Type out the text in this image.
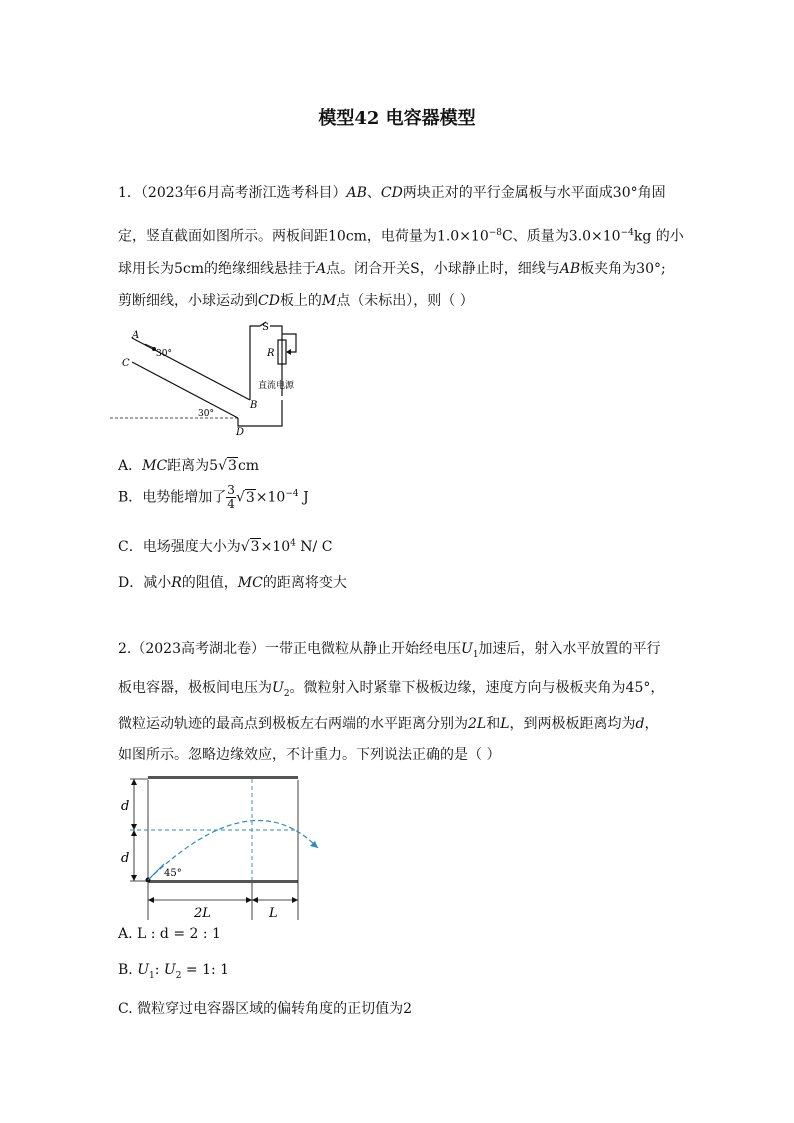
模型42 电容器模型
1．（2023年6月高考浙江选考科目）AB、CD两块正对的平行金属板与水平面成30°角固
定，竖直截面如图所示。两板间距10cm，电荷量为$1.0\times 10^{-8}C$、质量为$3.0\times 10^{-4}kg$ 的小
球用长为5cm的绝缘细线悬挂于A点。闭合开关S，小球静止时，细线与AB板夹角为30°;
剪断细线，小球运动到CD板上的M点（未标出），则（ ）
A
C
B
D
S
R
30°
30°
直流电源
A．MC距离为5√3cm
B．电势能增加了 $\frac{3}{4} √3\times 10^{-4}$ J
C．电场强度大小为$√3\times 10^4$ N/ C
D．减小R的阻值，MC的距离将变大
2.（2023高考湖北卷）一带正电微粒从静止开始经电压$U_1$加速后，射入水平放置的平行
板电容器，极板间电压为$U_2$。微粒射入时紧靠下极板边缘，速度方向与极板夹角为45°，
微粒运动轨迹的最高点到极板左右两端的水平距离分别为2L和L，到两极板距离均为d，
如图所示。忽略边缘效应，不计重力。下列说法正确的是（ ）
45°
d
d
2L	L
A. L : d = 2 : 1
B. $U_1$: $U_2 = 1$: 1
C. 微粒穿过电容器区域的偏转角度的正切值为2
